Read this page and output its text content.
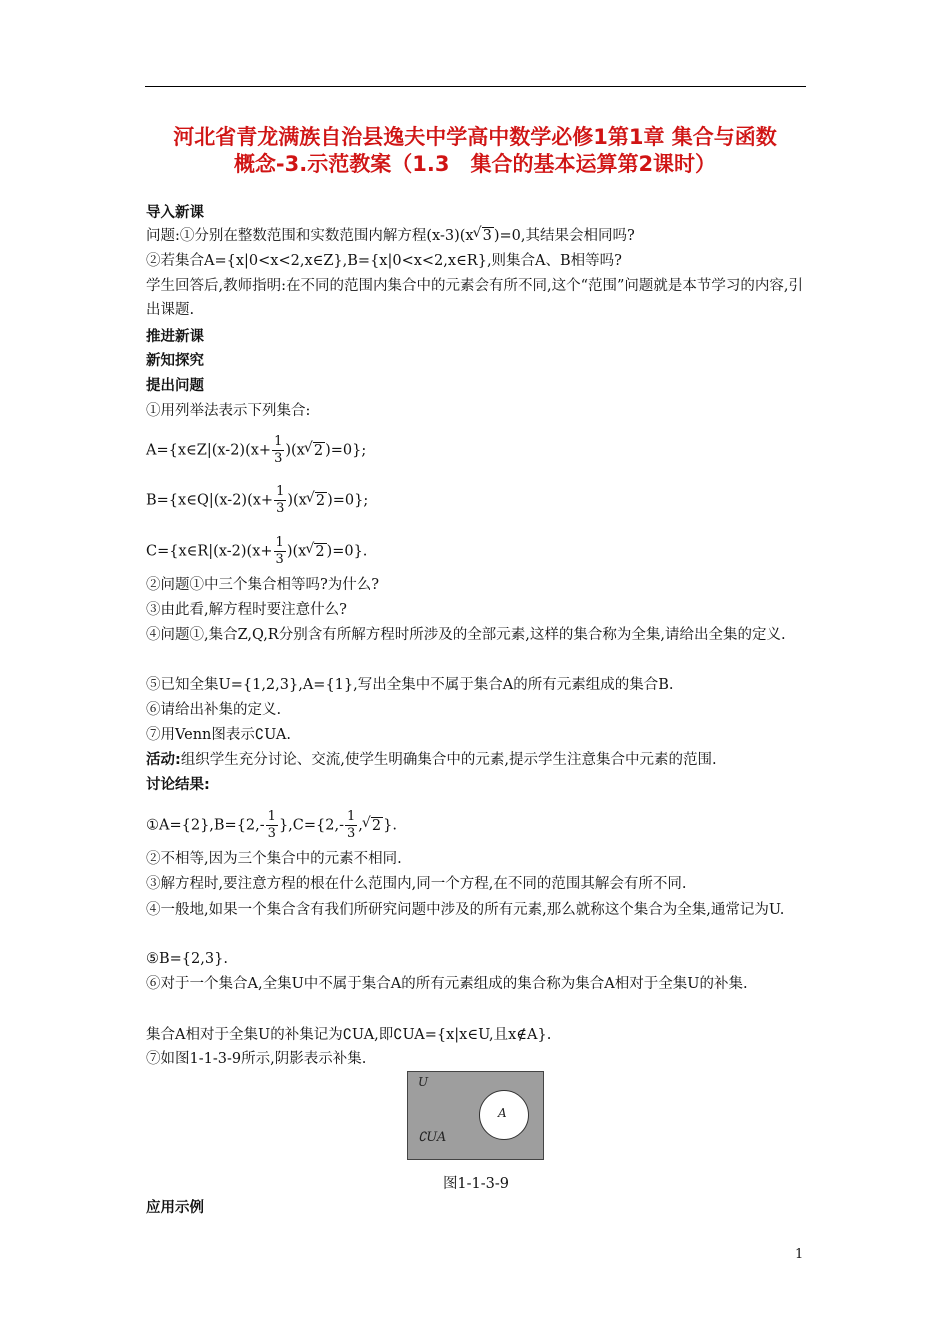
河北省青龙满族自治县逸夫中学高中数学必修1第1章 集合与函数
概念-3.示范教案（1.3　集合的基本运算第2课时）
导入新课
问题:①分别在整数范围和实数范围内解方程(x-3)(x√ 3 )=0,其结果会相同吗?
②若集合A={x|0<x<2,x∈Z},B={x|0<x<2,x∈R},则集合A、B相等吗?
学生回答后,教师指明:在不同的范围内集合中的元素会有所不同,这个“范围”问题就是本节学习的内容,引出课题.
推进新课
新知探究
提出问题
①用列举法表示下列集合:
A={x∈Z|(x-2)(x+ $\frac{1}{3} )(x√$ 2 )=0};
B={x∈Q|(x-2)(x+ $\frac{1}{3} )(x√$ 2 )=0};
C={x∈R|(x-2)(x+ $\frac{1}{3} )(x√$ 2 )=0}.
②问题①中三个集合相等吗?为什么?
③由此看,解方程时要注意什么?
④问题①,集合Z,Q,R分别含有所解方程时所涉及的全部元素,这样的集合称为全集,请给出全集的定义.
⑤已知全集U={1,2,3},A={1},写出全集中不属于集合A的所有元素组成的集合B.
⑥请给出补集的定义.
⑦用Venn图表示∁UA.
活动:组织学生充分讨论、交流,使学生明确集合中的元素,提示学生注意集合中元素的范围.
讨论结果:
①A={2},B={2,- $\frac{1}{3} \},C=\{2,- \frac{1}{3}$ ,√ 2 }.
②不相等,因为三个集合中的元素不相同.
③解方程时,要注意方程的根在什么范围内,同一个方程,在不同的范围其解会有所不同.
④一般地,如果一个集合含有我们所研究问题中涉及的所有元素,那么就称这个集合为全集,通常记为U.
⑤B={2,3}.
⑥对于一个集合A,全集U中不属于集合A的所有元素组成的集合称为集合A相对于全集U的补集.
集合A相对于全集U的补集记为∁UA,即∁UA={x|x∈U,且x∉A}.
⑦如图1-1-3-9所示,阴影表示补集.
U
A
∁UA
图1-1-3-9
应用示例
1
